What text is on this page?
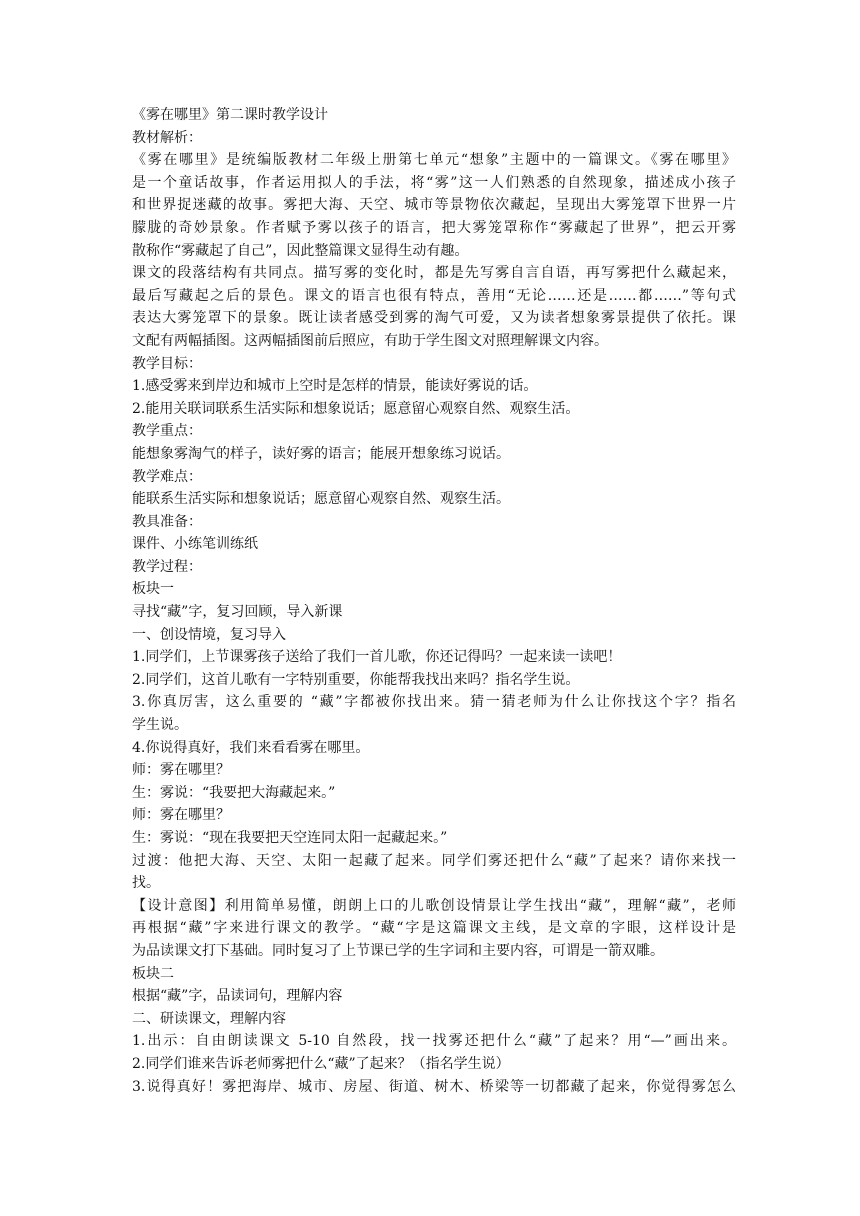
《雾在哪里》第二课时教学设计
教材解析：
《雾在哪里》是统编版教材二年级上册第七单元“想象”主题中的一篇课文。《雾在哪里》
是一个童话故事，作者运用拟人的手法，将“雾”这一人们熟悉的自然现象，描述成小孩子
和世界捉迷藏的故事。雾把大海、天空、城市等景物依次藏起，呈现出大雾笼罩下世界一片
朦胧的奇妙景象。作者赋予雾以孩子的语言，把大雾笼罩称作“雾藏起了世界”，把云开雾
散称作“雾藏起了自己”，因此整篇课文显得生动有趣。
课文的段落结构有共同点。描写雾的变化时，都是先写雾自言自语，再写雾把什么藏起来，
最后写藏起之后的景色。课文的语言也很有特点，善用“无论……还是……都……”等句式
表达大雾笼罩下的景象。既让读者感受到雾的淘气可爱，又为读者想象雾景提供了依托。课
文配有两幅插图。这两幅插图前后照应，有助于学生图文对照理解课文内容。
教学目标：
1.感受雾来到岸边和城市上空时是怎样的情景，能读好雾说的话。
2.能用关联词联系生活实际和想象说话；愿意留心观察自然、观察生活。
教学重点：
能想象雾淘气的样子，读好雾的语言；能展开想象练习说话。
教学难点：
能联系生活实际和想象说话；愿意留心观察自然、观察生活。
教具准备：
课件、小练笔训练纸
教学过程：
板块一
寻找“藏”字，复习回顾，导入新课
一、创设情境，复习导入
1.同学们，上节课雾孩子送给了我们一首儿歌，你还记得吗？一起来读一读吧！
2.同学们，这首儿歌有一字特别重要，你能帮我找出来吗？指名学生说。
3.你真厉害，这么重要的 “藏”字都被你找出来。猜一猜老师为什么让你找这个字？指名
学生说。
4.你说得真好，我们来看看雾在哪里。
师：雾在哪里？
生：雾说：“我要把大海藏起来。”
师：雾在哪里？
生：雾说：“现在我要把天空连同太阳一起藏起来。”
过渡：他把大海、天空、太阳一起藏了起来。同学们雾还把什么“藏”了起来？请你来找一
找。
【设计意图】利用简单易懂，朗朗上口的儿歌创设情景让学生找出“藏”，理解“藏”，老师
再根据“藏”字来进行课文的教学。“藏“字是这篇课文主线，是文章的字眼，这样设计是
为品读课文打下基础。同时复习了上节课已学的生字词和主要内容，可谓是一箭双雕。
板块二
根据“藏”字，品读词句，理解内容
二、研读课文，理解内容
1.出示：自由朗读课文 5-10 自然段，找一找雾还把什么“藏”了起来？用“—”画出来。
2.同学们谁来告诉老师雾把什么“藏”了起来？（指名学生说）
3.说得真好！雾把海岸、城市、房屋、街道、树木、桥梁等一切都藏了起来，你觉得雾怎么
